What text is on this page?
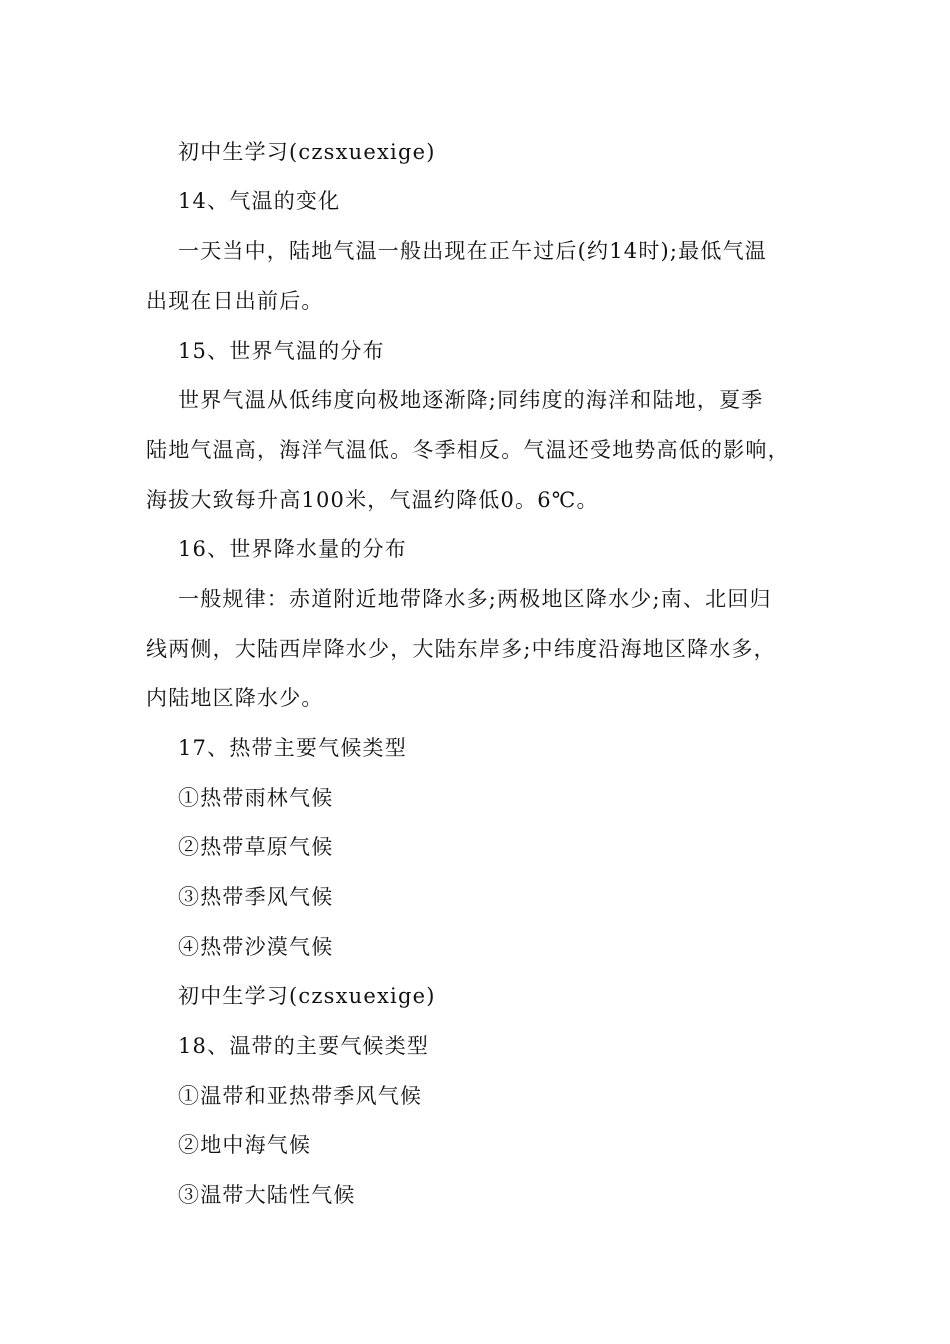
初中生学习(czsxuexige)
14、气温的变化
一天当中，陆地气温一般出现在正午过后(约14时);最低气温
出现在日出前后。
15、世界气温的分布
世界气温从低纬度向极地逐渐降;同纬度的海洋和陆地，夏季
陆地气温高，海洋气温低。冬季相反。气温还受地势高低的影响，
海拔大致每升高100米，气温约降低0。6℃。
16、世界降水量的分布
一般规律：赤道附近地带降水多;两极地区降水少;南、北回归
线两侧，大陆西岸降水少，大陆东岸多;中纬度沿海地区降水多，
内陆地区降水少。
17、热带主要气候类型
①热带雨林气候
②热带草原气候
③热带季风气候
④热带沙漠气候
初中生学习(czsxuexige)
18、温带的主要气候类型
①温带和亚热带季风气候
②地中海气候
③温带大陆性气候
